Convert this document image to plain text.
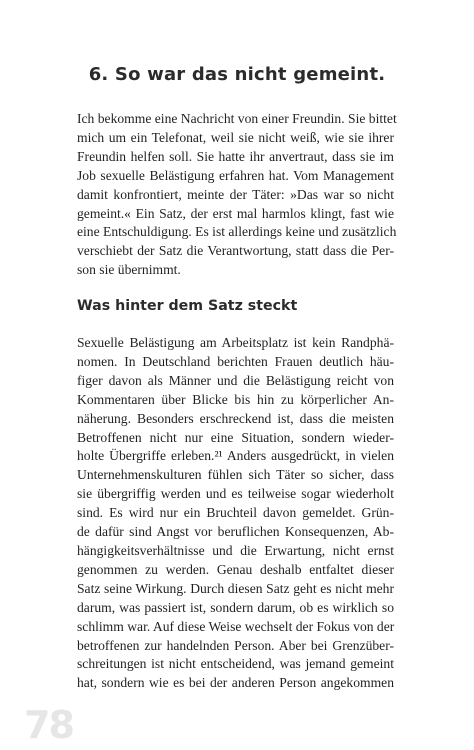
6. So war das nicht gemeint.
Ich bekomme eine Nachricht von einer Freundin. Sie bittet
mich um ein Telefonat, weil sie nicht weiß, wie sie ihrer
Freundin helfen soll. Sie hatte ihr anvertraut, dass sie im
Job sexuelle Belästigung erfahren hat. Vom Management
damit konfrontiert, meinte der Täter: »Das war so nicht
gemeint.« Ein Satz, der erst mal harmlos klingt, fast wie
eine Entschuldigung. Es ist allerdings keine und zusätzlich
verschiebt der Satz die Verantwortung, statt dass die Per-
son sie übernimmt.
Was hinter dem Satz steckt
Sexuelle Belästigung am Arbeitsplatz ist kein Randphä-
nomen. In Deutschland berichten Frauen deutlich häu-
figer davon als Männer und die Belästigung reicht von
Kommentaren über Blicke bis hin zu körperlicher An-
näherung. Besonders erschreckend ist, dass die meisten
Betroffenen nicht nur eine Situation, sondern wieder-
holte Übergriffe erleben.²¹ Anders ausgedrückt, in vielen
Unternehmenskulturen fühlen sich Täter so sicher, dass
sie übergriffig werden und es teilweise sogar wiederholt
sind. Es wird nur ein Bruchteil davon gemeldet. Grün-
de dafür sind Angst vor beruflichen Konsequenzen, Ab-
hängigkeitsverhältnisse und die Erwartung, nicht ernst
genommen zu werden. Genau deshalb entfaltet dieser
Satz seine Wirkung. Durch diesen Satz geht es nicht mehr
darum, was passiert ist, sondern darum, ob es wirklich so
schlimm war. Auf diese Weise wechselt der Fokus von der
betroffenen zur handelnden Person. Aber bei Grenzüber-
schreitungen ist nicht entscheidend, was jemand gemeint
hat, sondern wie es bei der anderen Person angekommen
78
